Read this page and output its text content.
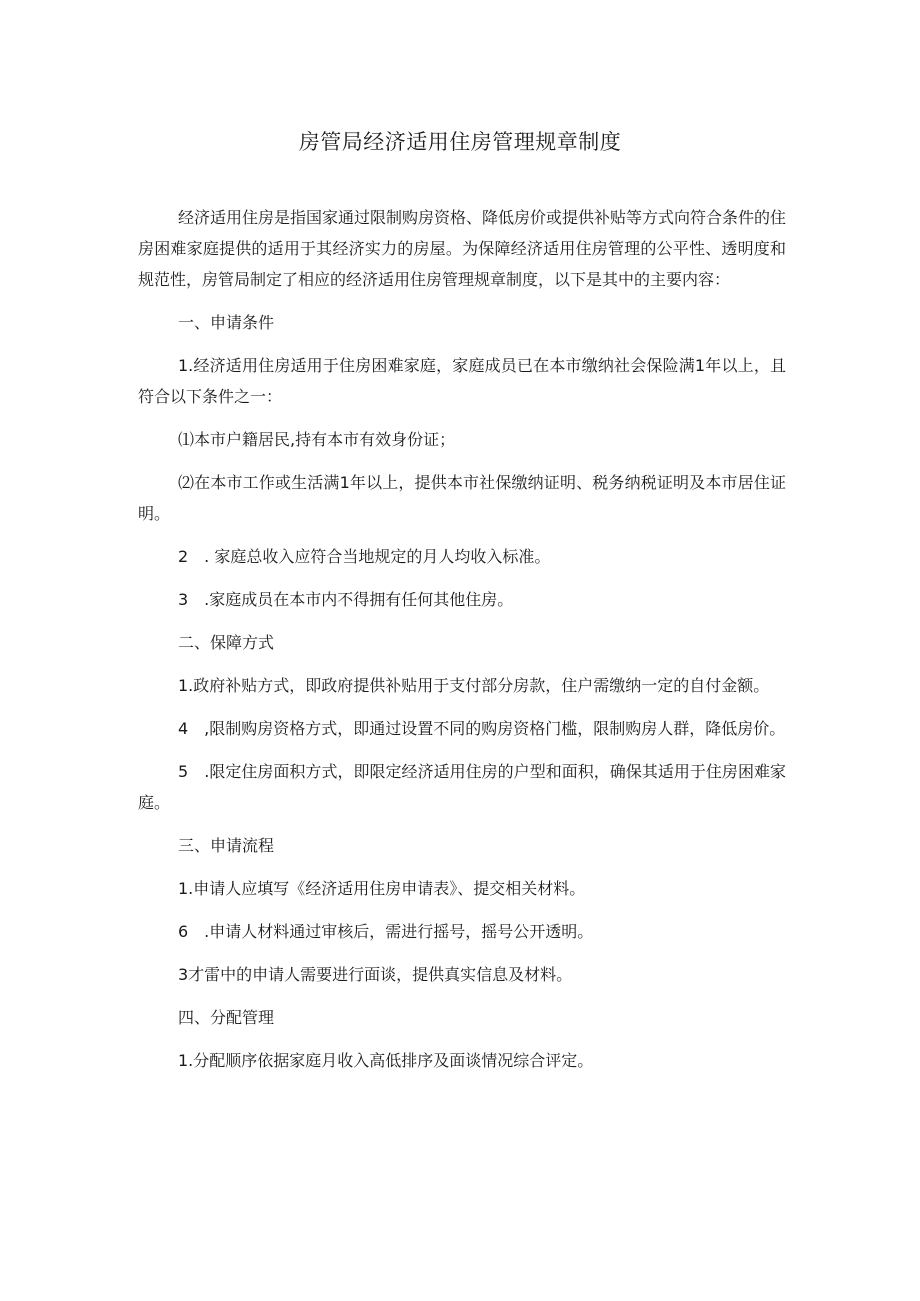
房管局经济适用住房管理规章制度

经济适用住房是指国家通过限制购房资格、降低房价或提供补贴等方式向符合条件的住房困难家庭提供的适用于其经济实力的房屋。为保障经济适用住房管理的公平性、透明度和规范性，房管局制定了相应的经济适用住房管理规章制度，以下是其中的主要内容：

一、申请条件

1.经济适用住房适用于住房困难家庭，家庭成员已在本市缴纳社会保险满1年以上，且符合以下条件之一：

⑴本市户籍居民,持有本市有效身份证；

⑵在本市工作或生活满1年以上，提供本市社保缴纳证明、税务纳税证明及本市居住证明。

2　. 家庭总收入应符合当地规定的月人均收入标准。

3　.家庭成员在本市内不得拥有任何其他住房。

二、保障方式

1.政府补贴方式，即政府提供补贴用于支付部分房款，住户需缴纳一定的自付金额。

4　,限制购房资格方式，即通过设置不同的购房资格门槛，限制购房人群，降低房价。

5　.限定住房面积方式，即限定经济适用住房的户型和面积，确保其适用于住房困难家庭。

三、申请流程

1.申请人应填写《经济适用住房申请表》、提交相关材料。

6　.申请人材料通过审核后，需进行摇号，摇号公开透明。

3才雷中的申请人需要进行面谈，提供真实信息及材料。

四、分配管理

1.分配顺序依据家庭月收入高低排序及面谈情况综合评定。
